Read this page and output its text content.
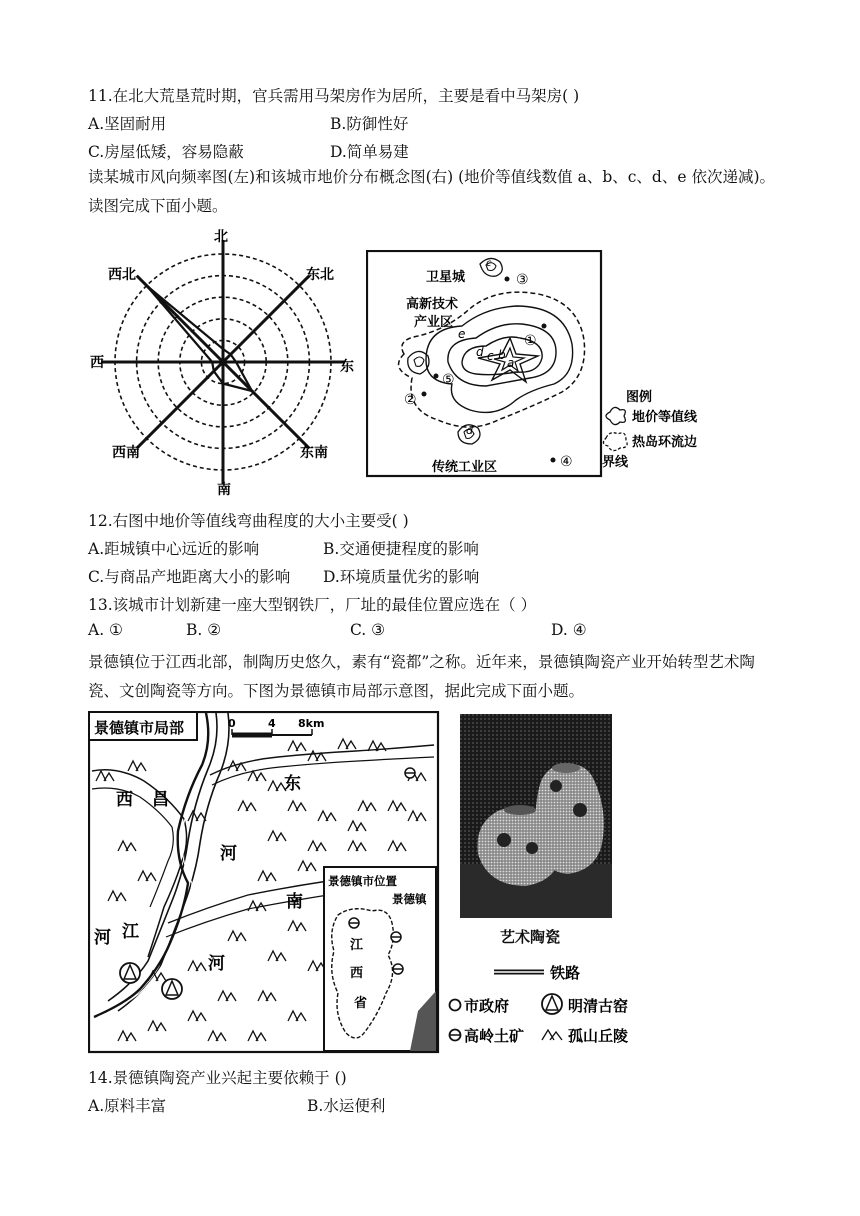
11.在北大荒垦荒时期，官兵需用马架房作为居所，主要是看中马架房( )
A.坚固耐用	B.防御性好
C.房屋低矮，容易隐蔽	D.简单易建
读某城市风向频率图(左)和该城市地价分布概念图(右) (地价等值线数值 a、b、c、d、e 依次递减)。读图完成下面小题。
北
东北
东
东南
南
西南
西
西北
a
b
c
d
e
d
c
卫星城
高新技术
产业区
传统工业区
③
①
⑤
②
④
图例
地价等值线
热岛环流边
界线
12.右图中地价等值线弯曲程度的大小主要受( )
A.距城镇中心远近的影响	B.交通便捷程度的影响
C.与商品产地距离大小的影响 D.环境质量优劣的影响
13.该城市计划新建一座大型钢铁厂，厂址的最佳位置应选在（ ）
A. ①	B. ②	C. ③	D. ④
景德镇位于江西北部，制陶历史悠久，素有“瓷都”之称。近年来，景德镇陶瓷产业开始转型艺术陶瓷、文创陶瓷等方向。下图为景德镇市局部示意图，据此完成下面小题。
景德镇市局部	0	4 8km
西 昌
河 江
东
河
南
河
景德镇市位置
景德镇
江
西
省
艺术陶瓷
铁路
市政府	明清古窑
高岭土矿	孤山丘陵
14.景德镇陶瓷产业兴起主要依赖于 ()
A.原料丰富	B.水运便利
